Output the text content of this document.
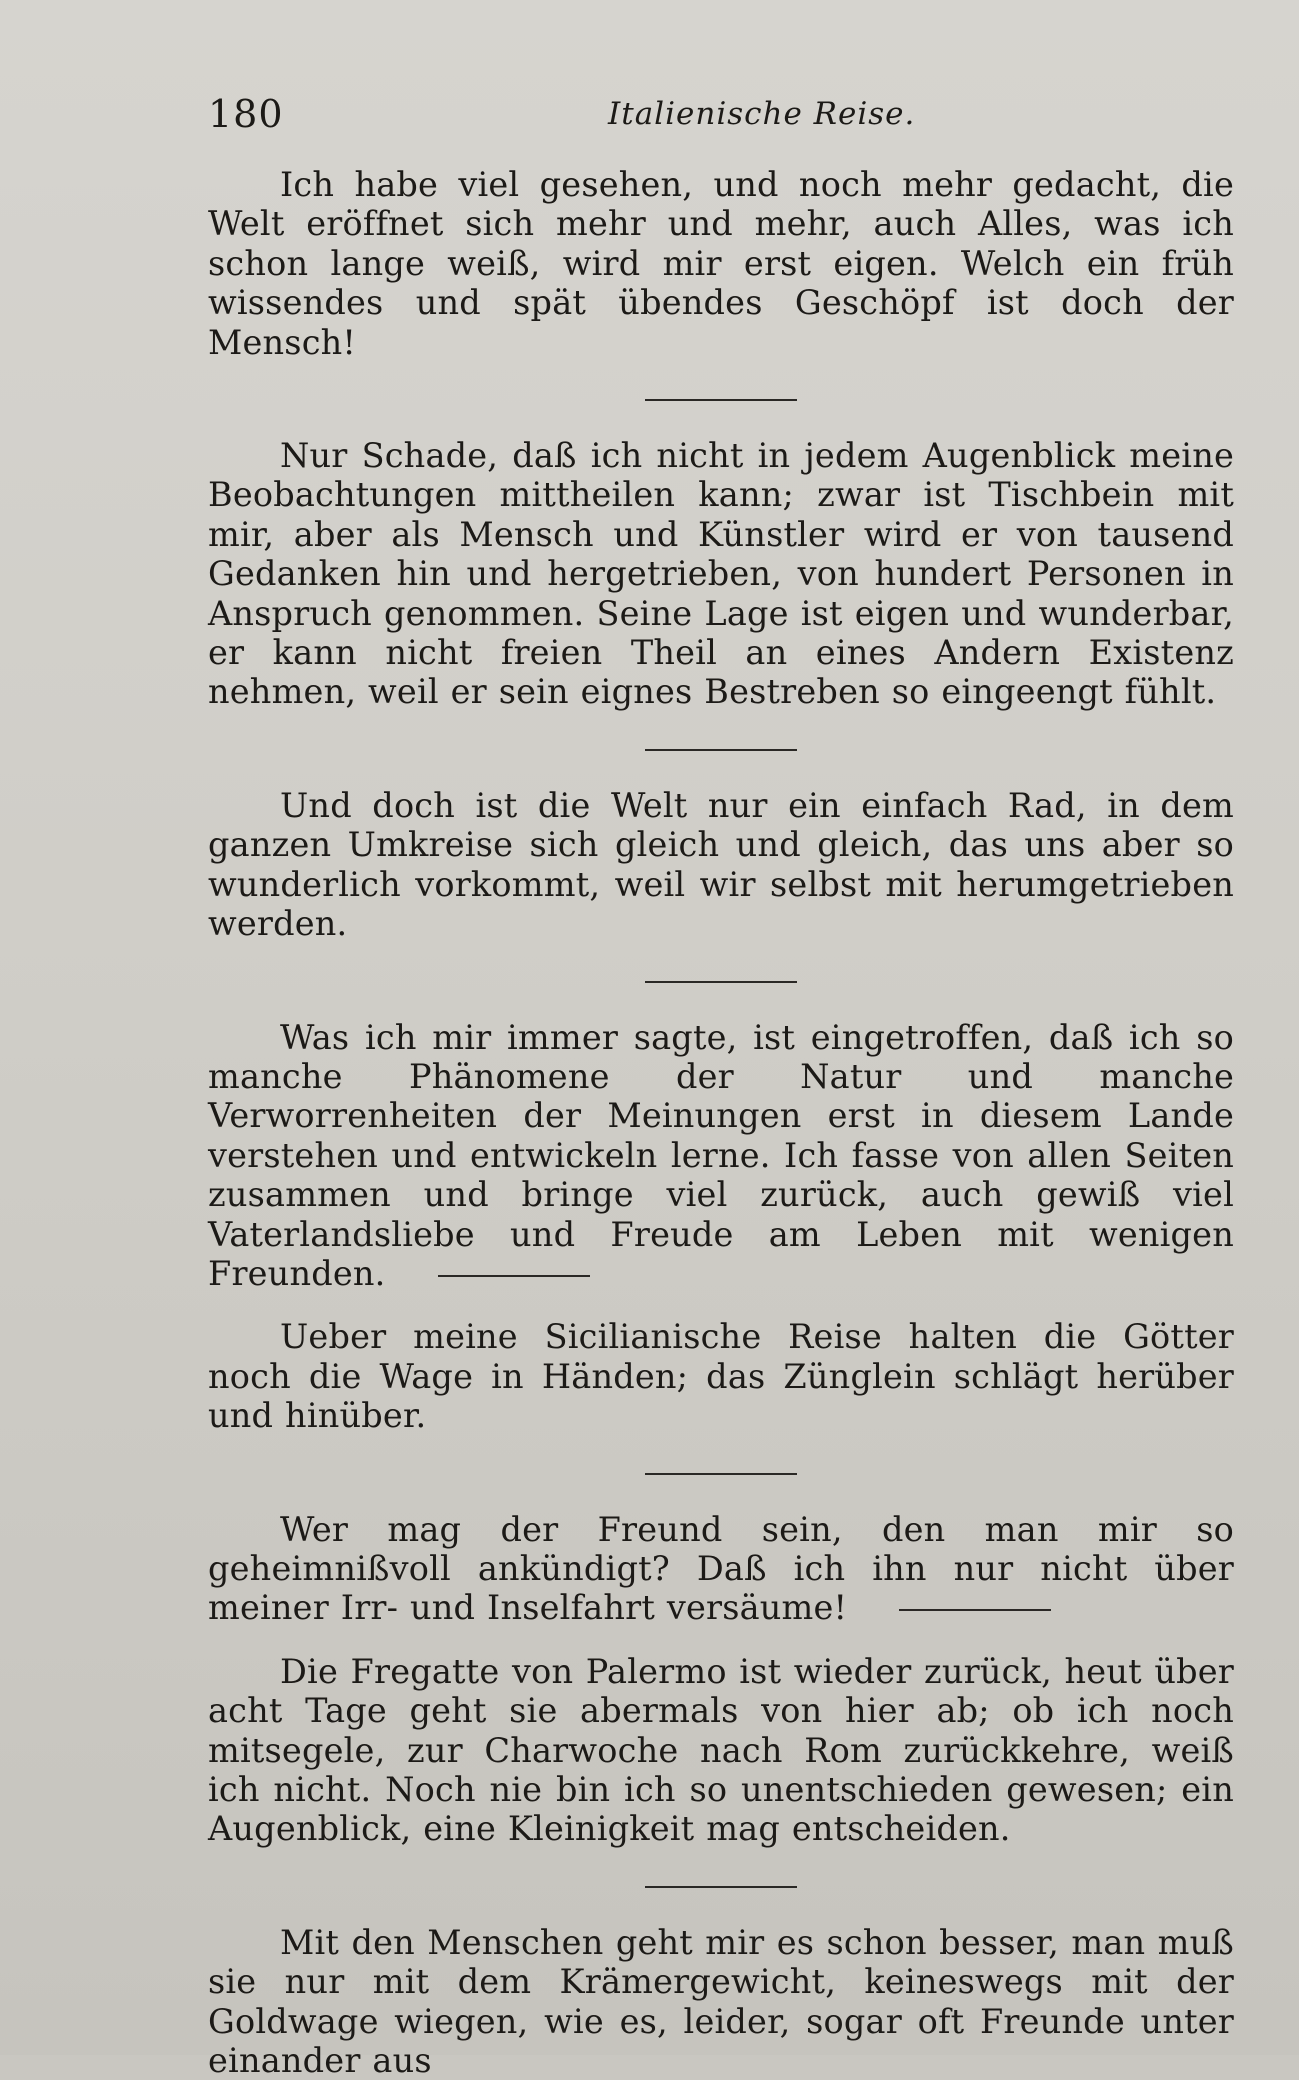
180	Italienische Reise.

Ich habe viel gesehen, und noch mehr gedacht, die Welt eröffnet sich mehr und mehr, auch Alles, was ich schon lange weiß, wird mir erst eigen. Welch ein früh wissendes und spät übendes Geschöpf ist doch der Mensch!

Nur Schade, daß ich nicht in jedem Augenblick meine Beobachtungen mittheilen kann; zwar ist Tischbein mit mir, aber als Mensch und Künstler wird er von tausend Gedanken hin und hergetrieben, von hundert Personen in Anspruch genommen. Seine Lage ist eigen und wunderbar, er kann nicht freien Theil an eines Andern Existenz nehmen, weil er sein eignes Bestreben so eingeengt fühlt.

Und doch ist die Welt nur ein einfach Rad, in dem ganzen Umkreise sich gleich und gleich, das uns aber so wunderlich vorkommt, weil wir selbst mit herumgetrieben werden.

Was ich mir immer sagte, ist eingetroffen, daß ich so manche Phänomene der Natur und manche Verworrenheiten der Meinungen erst in diesem Lande verstehen und entwickeln lerne. Ich fasse von allen Seiten zusammen und bringe viel zurück, auch gewiß viel Vaterlandsliebe und Freude am Leben mit wenigen Freunden.

Ueber meine Sicilianische Reise halten die Götter noch die Wage in Händen; das Zünglein schlägt herüber und hinüber.

Wer mag der Freund sein, den man mir so geheimnißvoll ankündigt? Daß ich ihn nur nicht über meiner Irr- und Inselfahrt versäume!

Die Fregatte von Palermo ist wieder zurück, heut über acht Tage geht sie abermals von hier ab; ob ich noch mitsegele, zur Charwoche nach Rom zurückkehre, weiß ich nicht. Noch nie bin ich so unentschieden gewesen; ein Augenblick, eine Kleinigkeit mag entscheiden.

Mit den Menschen geht mir es schon besser, man muß sie nur mit dem Krämergewicht, keineswegs mit der Goldwage wiegen, wie es, leider, sogar oft Freunde unter einander aus
